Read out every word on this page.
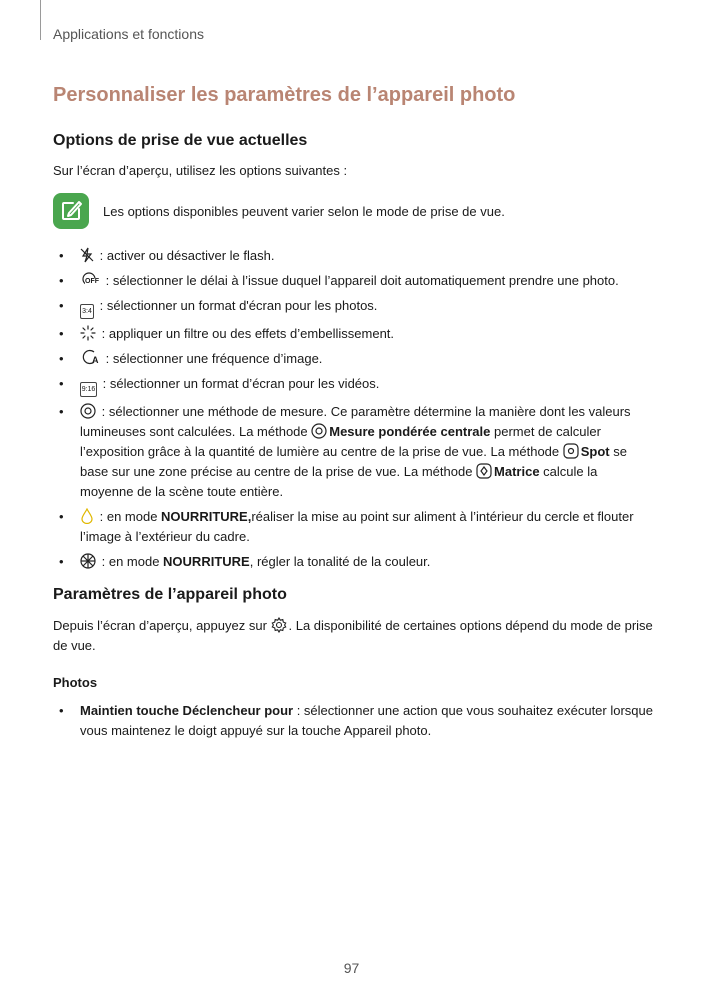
Applications et fonctions
Personnaliser les paramètres de l’appareil photo
Options de prise de vue actuelles

Sur l’écran d’aperçu, utilisez les options suivantes :

Les options disponibles peuvent varier selon le mode de prise de vue.
• : activer ou désactiver le flash.
•	OFF : sélectionner le délai à l’issue duquel l’appareil doit automatiquement prendre une photo.
•	3:4 : sélectionner un format d'écran pour les photos.
•	: appliquer un filtre ou des effets d’embellissement.
•	A : sélectionner une fréquence d’image.
•	9:16 : sélectionner un format d’écran pour les vidéos.
•	: sélectionner une méthode de mesure. Ce paramètre détermine la manière dont les valeurs lumineuses sont calculées. La méthode Mesure pondérée centrale permet de calculer l’exposition grâce à la quantité de lumière au centre de la prise de vue. La méthode Spot se base sur une zone précise au centre de la prise de vue. La méthode Matrice calcule la moyenne de la scène toute entière.
• : en mode NOURRITURE,réaliser la mise au point sur aliment à l’intérieur du cercle et flouter l’image à l’extérieur du cadre.
•	: en mode NOURRITURE, régler la tonalité de la couleur.
Paramètres de l’appareil photo

Depuis l’écran d’aperçu, appuyez sur . La disponibilité de certaines options dépend du mode de prise de vue.

Photos
• Maintien touche Déclencheur pour : sélectionner une action que vous souhaitez exécuter lorsque vous maintenez le doigt appuyé sur la touche Appareil photo.
97
